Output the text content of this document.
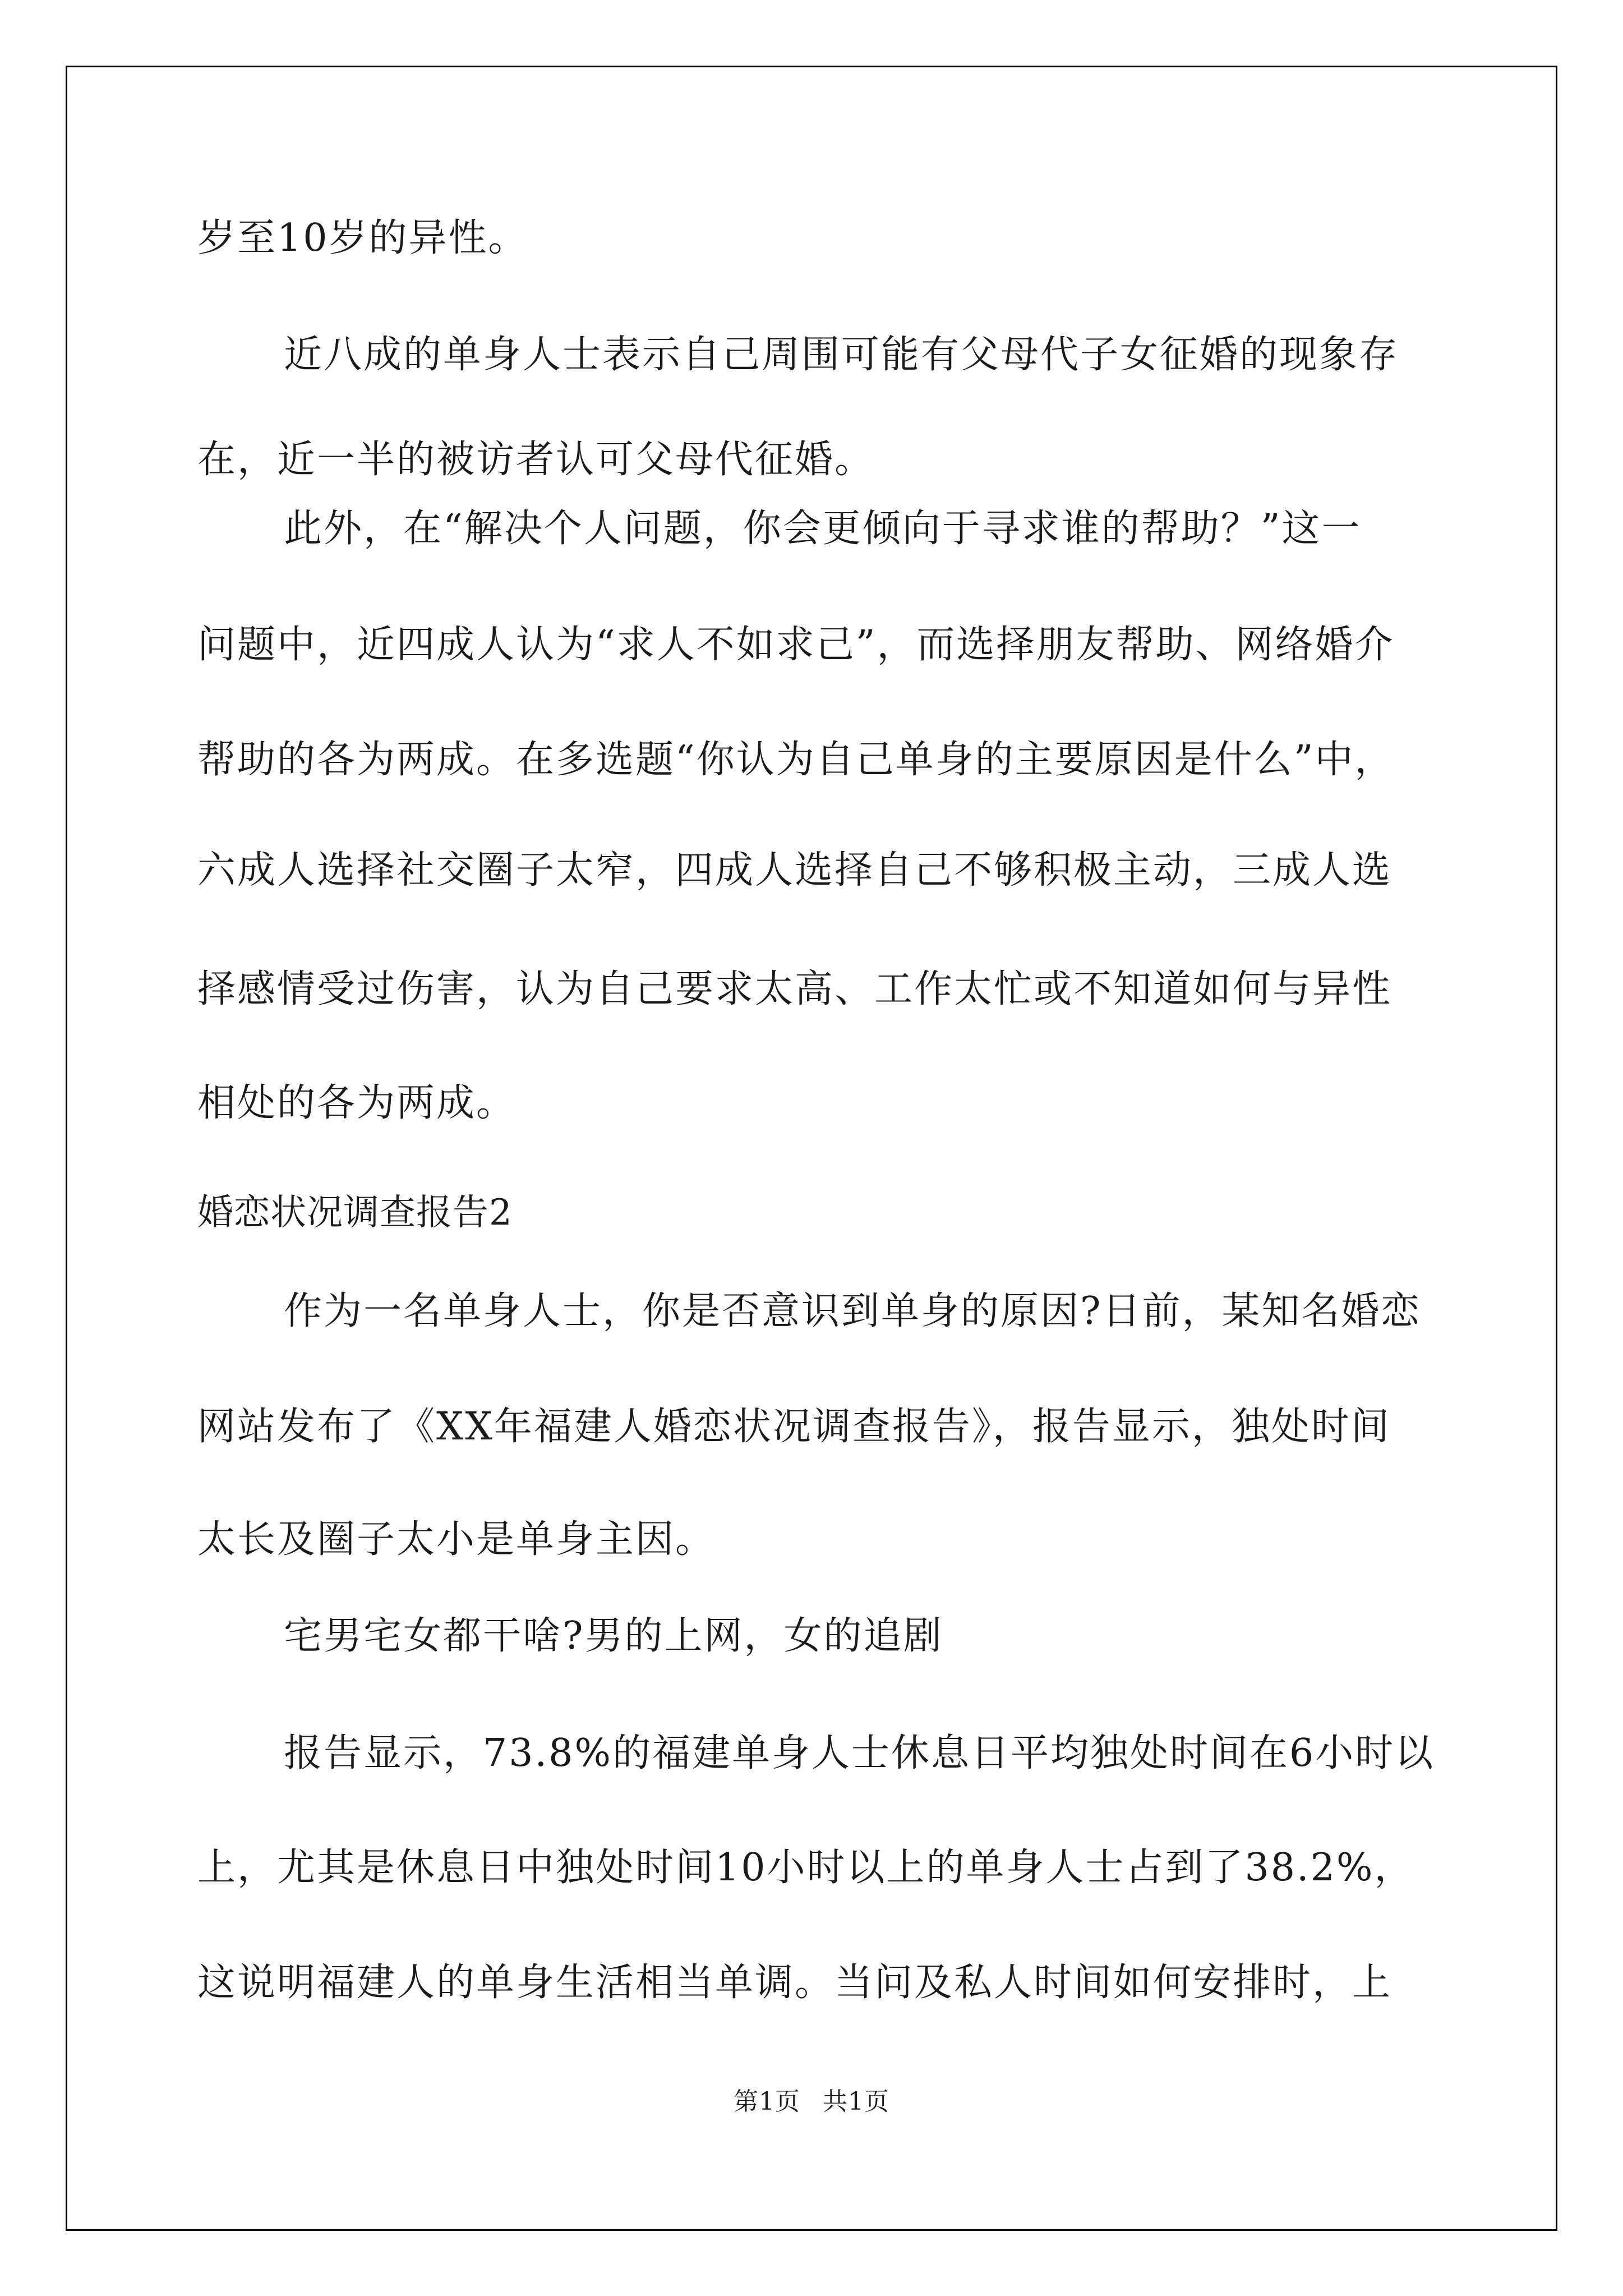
岁至10岁的异性。
近八成的单身人士表示自己周围可能有父母代子女征婚的现象存
在，近一半的被访者认可父母代征婚。
此外，在“解决个人问题，你会更倾向于寻求谁的帮助？”这一
问题中，近四成人认为“求人不如求己”，而选择朋友帮助、网络婚介
帮助的各为两成。在多选题“你认为自己单身的主要原因是什么”中，
六成人选择社交圈子太窄，四成人选择自己不够积极主动，三成人选
择感情受过伤害，认为自己要求太高、工作太忙或不知道如何与异性
相处的各为两成。
婚恋状况调查报告2
作为一名单身人士，你是否意识到单身的原因?日前，某知名婚恋
网站发布了《XX年福建人婚恋状况调查报告》，报告显示，独处时间
太长及圈子太小是单身主因。
宅男宅女都干啥?男的上网，女的追剧
报告显示，73.8%的福建单身人士休息日平均独处时间在6小时以
上，尤其是休息日中独处时间10小时以上的单身人士占到了38.2%，
这说明福建人的单身生活相当单调。当问及私人时间如何安排时，上
第1页 共1页
